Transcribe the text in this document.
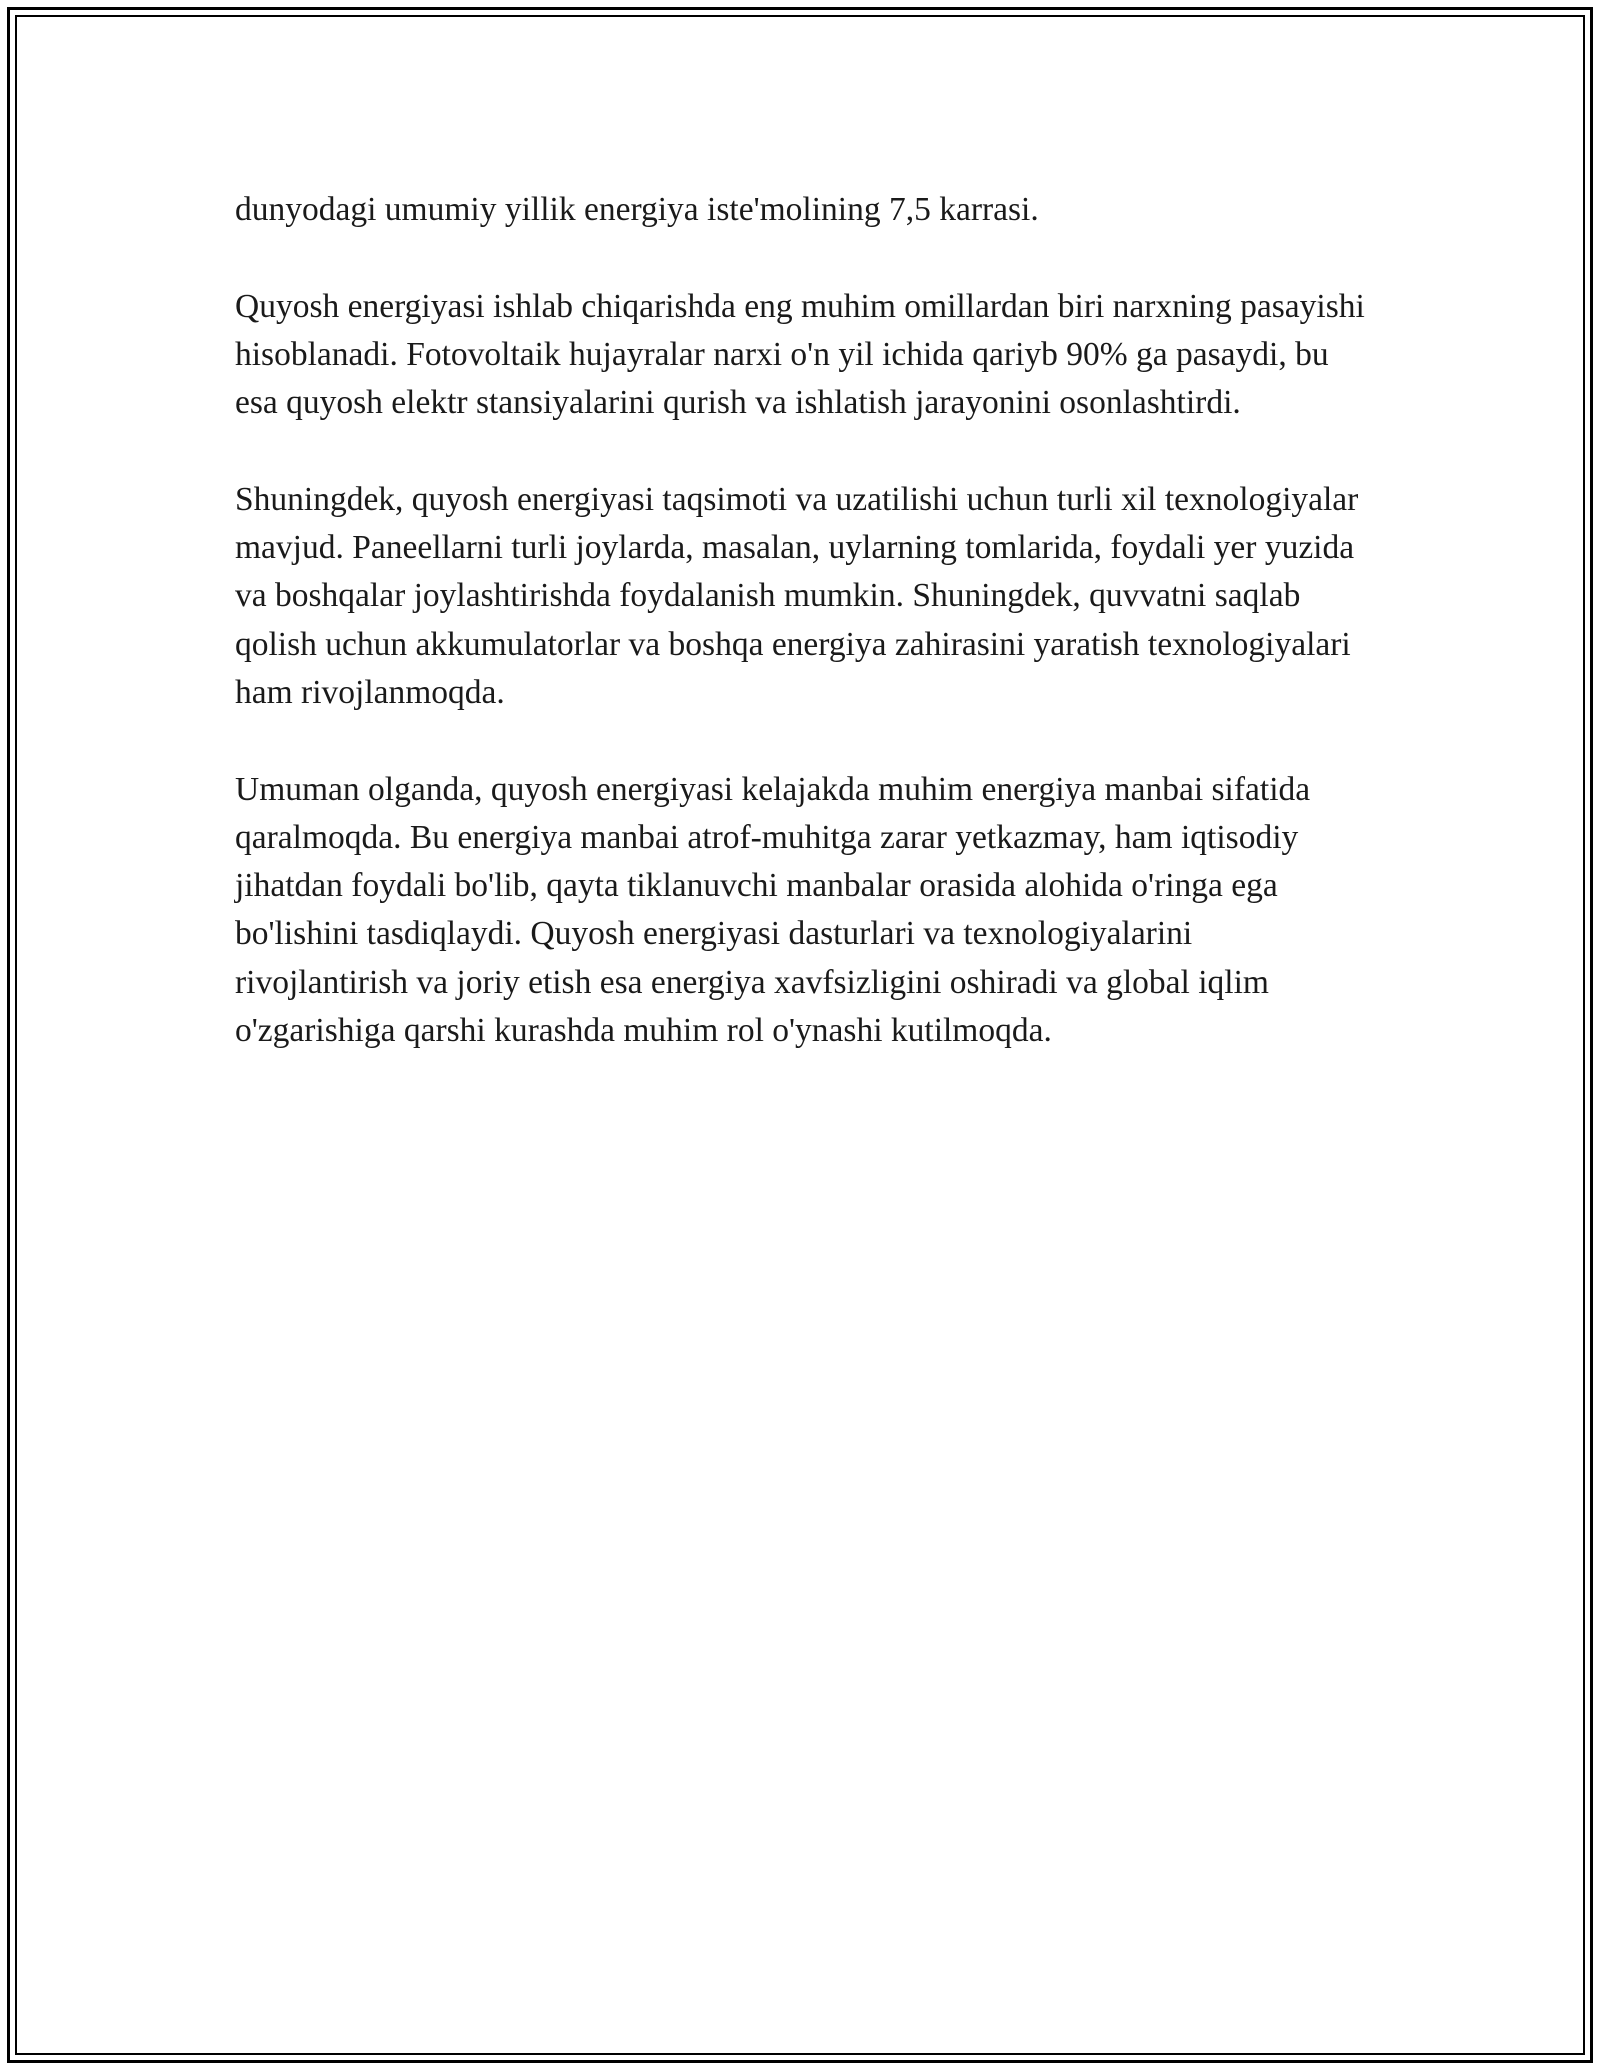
dunyodagi umumiy yillik energiya iste'molining 7,5 karrasi.

Quyosh energiyasi ishlab chiqarishda eng muhim omillardan biri narxning pasayishi hisoblanadi. Fotovoltaik hujayralar narxi o'n yil ichida qariyb 90% ga pasaydi, bu esa quyosh elektr stansiyalarini qurish va ishlatish jarayonini osonlashtirdi.

Shuningdek, quyosh energiyasi taqsimoti va uzatilishi uchun turli xil texnologiyalar mavjud. Paneellarni turli joylarda, masalan, uylarning tomlarida, foydali yer yuzida va boshqalar joylashtirishda foydalanish mumkin. Shuningdek, quvvatni saqlab qolish uchun akkumulatorlar va boshqa energiya zahirasini yaratish texnologiyalari ham rivojlanmoqda.

Umuman olganda, quyosh energiyasi kelajakda muhim energiya manbai sifatida qaralmoqda. Bu energiya manbai atrof-muhitga zarar yetkazmay, ham iqtisodiy jihatdan foydali bo'lib, qayta tiklanuvchi manbalar orasida alohida o'ringa ega bo'lishini tasdiqlaydi. Quyosh energiyasi dasturlari va texnologiyalarini rivojlantirish va joriy etish esa energiya xavfsizligini oshiradi va global iqlim o'zgarishiga qarshi kurashda muhim rol o'ynashi kutilmoqda.
